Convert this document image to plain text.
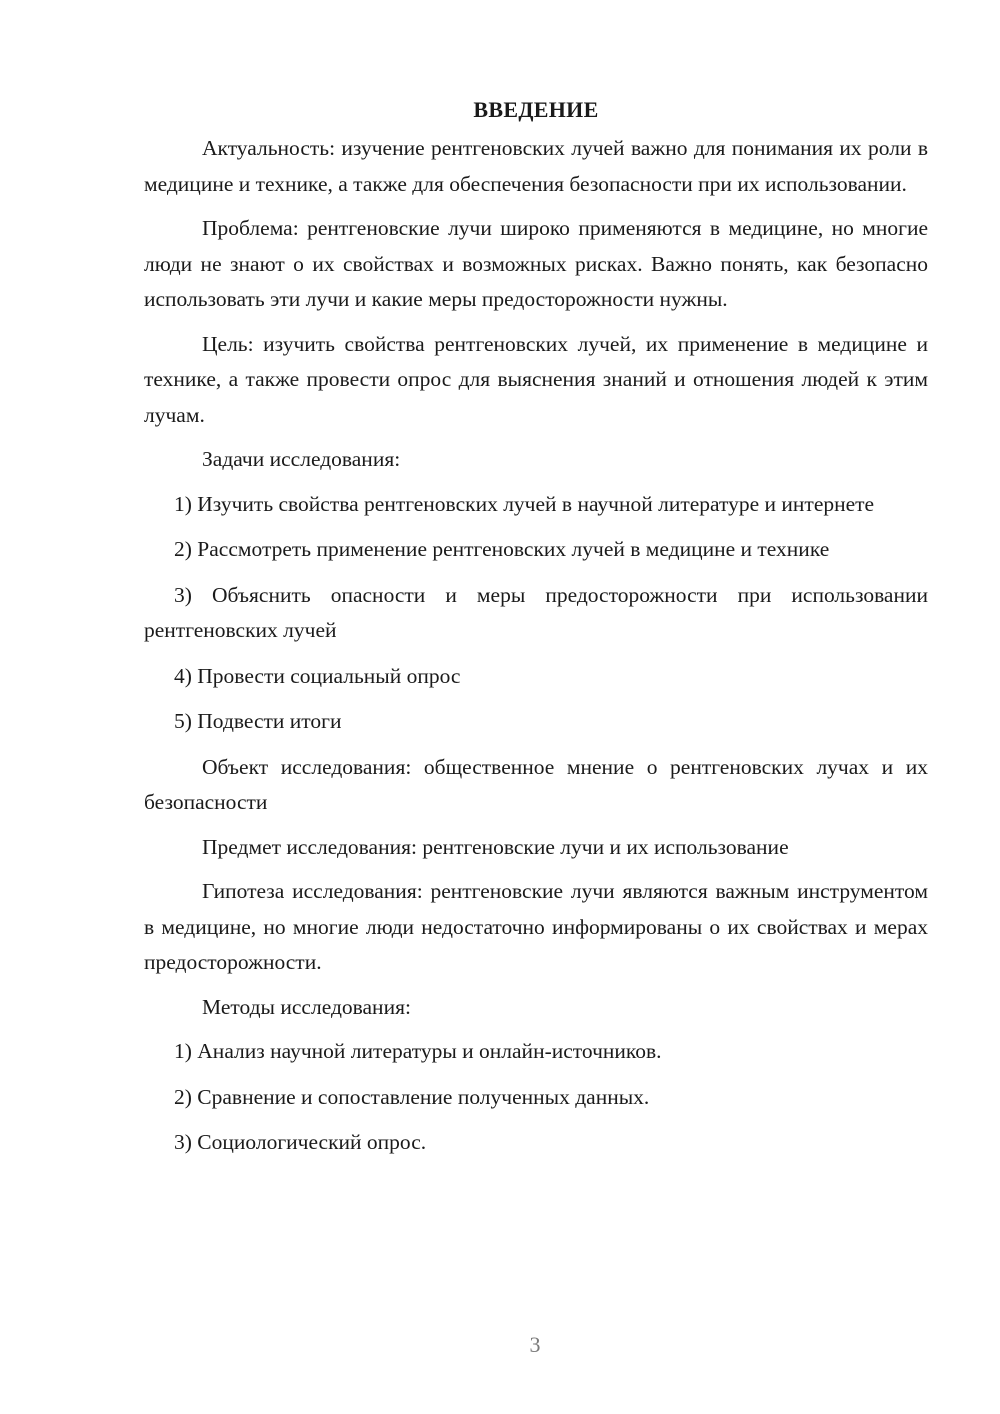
ВВЕДЕНИЕ

Актуальность: изучение рентгеновских лучей важно для понимания их роли в медицине и технике, а также для обеспечения безопасности при их использовании.

Проблема: рентгеновские лучи широко применяются в медицине, но многие люди не знают о их свойствах и возможных рисках. Важно понять, как безопасно использовать эти лучи и какие меры предосторожности нужны.

Цель: изучить свойства рентгеновских лучей, их применение в медицине и технике, а также провести опрос для выяснения знаний и отношения людей к этим лучам.

Задачи исследования:

1) Изучить свойства рентгеновских лучей в научной литературе и интернете

2) Рассмотреть применение рентгеновских лучей в медицине и технике

3) Объяснить опасности и меры предосторожности при использовании рентгеновских лучей

4) Провести социальный опрос

5) Подвести итоги

Объект исследования: общественное мнение о рентгеновских лучах и их безопасности

Предмет исследования: рентгеновские лучи и их использование

Гипотеза исследования: рентгеновские лучи являются важным инструментом в медицине, но многие люди недостаточно информированы о их свойствах и мерах предосторожности.

Методы исследования:

1) Анализ научной литературы и онлайн-источников.

2) Сравнение и сопоставление полученных данных.

3) Социологический опрос.

3
